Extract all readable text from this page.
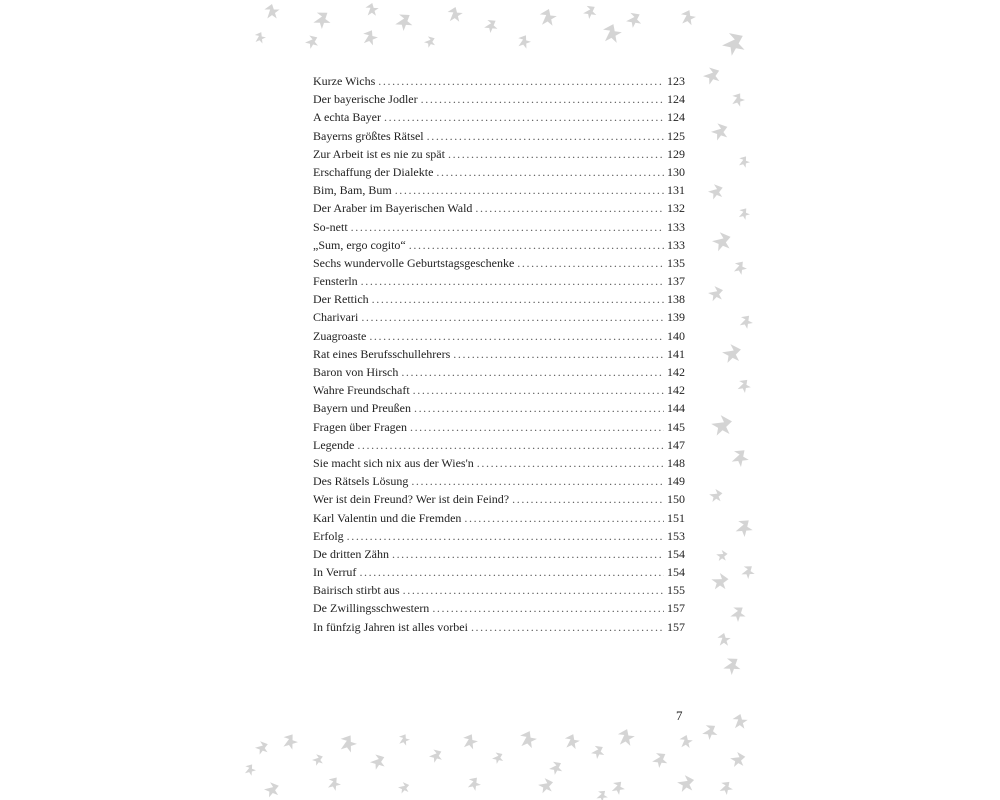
Kurze Wichs .....	123
Der bayerische Jodler .....	124
A echta Bayer .....	124
Bayerns größtes Rätsel .....	125
Zur Arbeit ist es nie zu spät .....	129
Erschaffung der Dialekte .....	130
Bim, Bam, Bum .....	131
Der Araber im Bayerischen Wald .....	132
So-nett .....	133
„Sum, ergo cogito“ .....	133
Sechs wundervolle Geburtstagsgeschenke .....	135
Fensterln .....	137
Der Rettich .....	138
Charivari .....	139
Zuagroaste .....	140
Rat eines Berufsschullehrers .....	141
Baron von Hirsch .....	142
Wahre Freundschaft .....	142
Bayern und Preußen .....	144
Fragen über Fragen .....	145
Legende .....	147
Sie macht sich nix aus der Wies'n .....	148
Des Rätsels Lösung .....	149
Wer ist dein Freund? Wer ist dein Feind? .....	150
Karl Valentin und die Fremden .....	151
Erfolg .....	153
De dritten Zähn .....	154
In Verruf .....	154
Bairisch stirbt aus .....	155
De Zwillingsschwestern .....	157
In fünfzig Jahren ist alles vorbei .....	157
7
